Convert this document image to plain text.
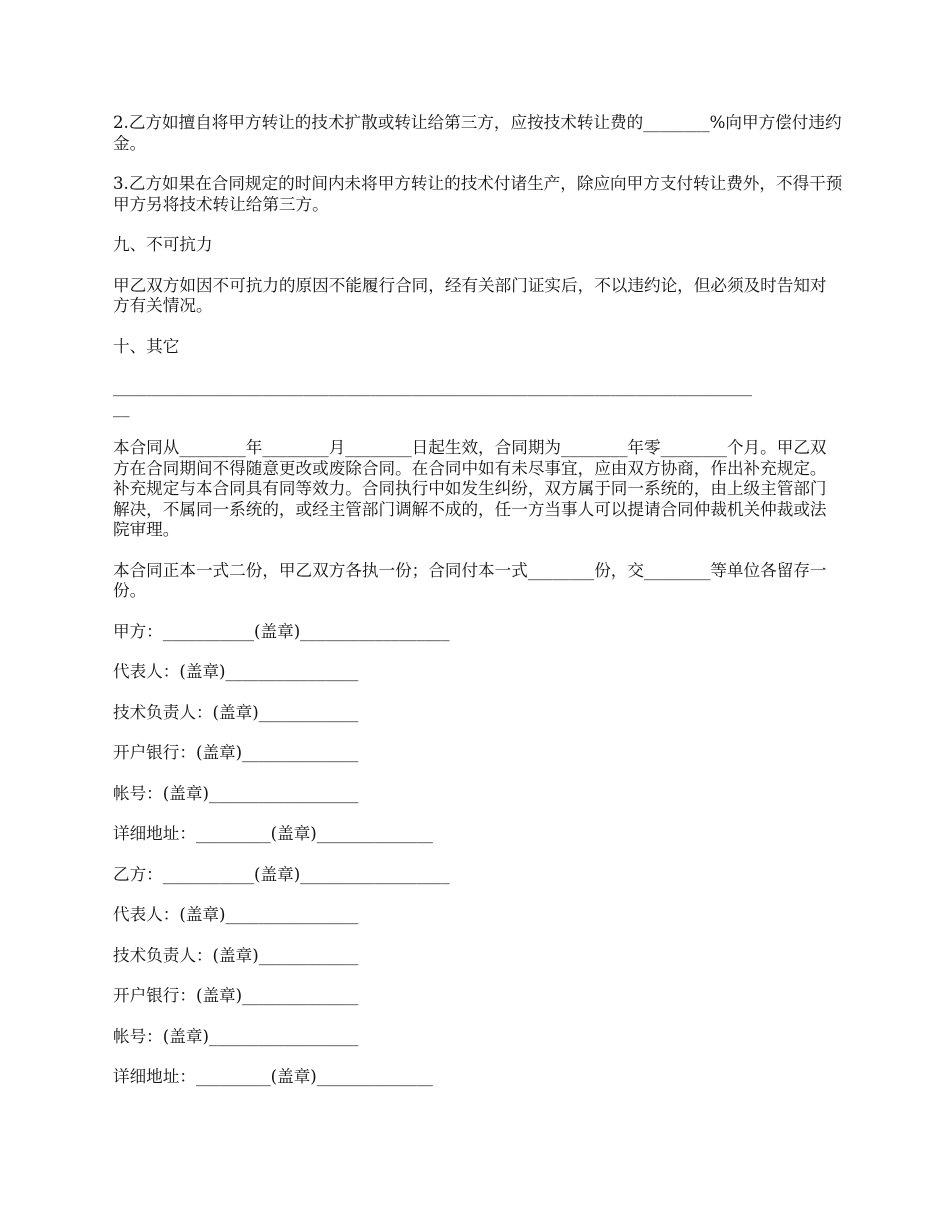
2.乙方如擅自将甲方转让的技术扩散或转让给第三方，应按技术转让费的________%向甲方偿付违约金。

3.乙方如果在合同规定的时间内未将甲方转让的技术付诸生产，除应向甲方支付转让费外，不得干预甲方另将技术转让给第三方。

九、不可抗力

甲乙双方如因不可抗力的原因不能履行合同，经有关部门证实后，不以违约论，但必须及时告知对方有关情况。

十、其它

_____________________________________________________________________________

__

本合同从________年________月________日起生效，合同期为________年零________个月。甲乙双方在合同期间不得随意更改或废除合同。在合同中如有未尽事宜，应由双方协商，作出补充规定。补充规定与本合同具有同等效力。合同执行中如发生纠纷，双方属于同一系统的，由上级主管部门解决，不属同一系统的，或经主管部门调解不成的，任一方当事人可以提请合同仲裁机关仲裁或法院审理。

本合同正本一式二份，甲乙双方各执一份；合同付本一式________份，交________等单位各留存一份。

甲方：___________(盖章)__________________

代表人：(盖章)________________

技术负责人：(盖章)____________

开户银行：(盖章)______________

帐号：(盖章)__________________

详细地址：_________(盖章)______________

乙方：___________(盖章)__________________

代表人：(盖章)________________

技术负责人：(盖章)____________

开户银行：(盖章)______________

帐号：(盖章)__________________

详细地址：_________(盖章)______________
